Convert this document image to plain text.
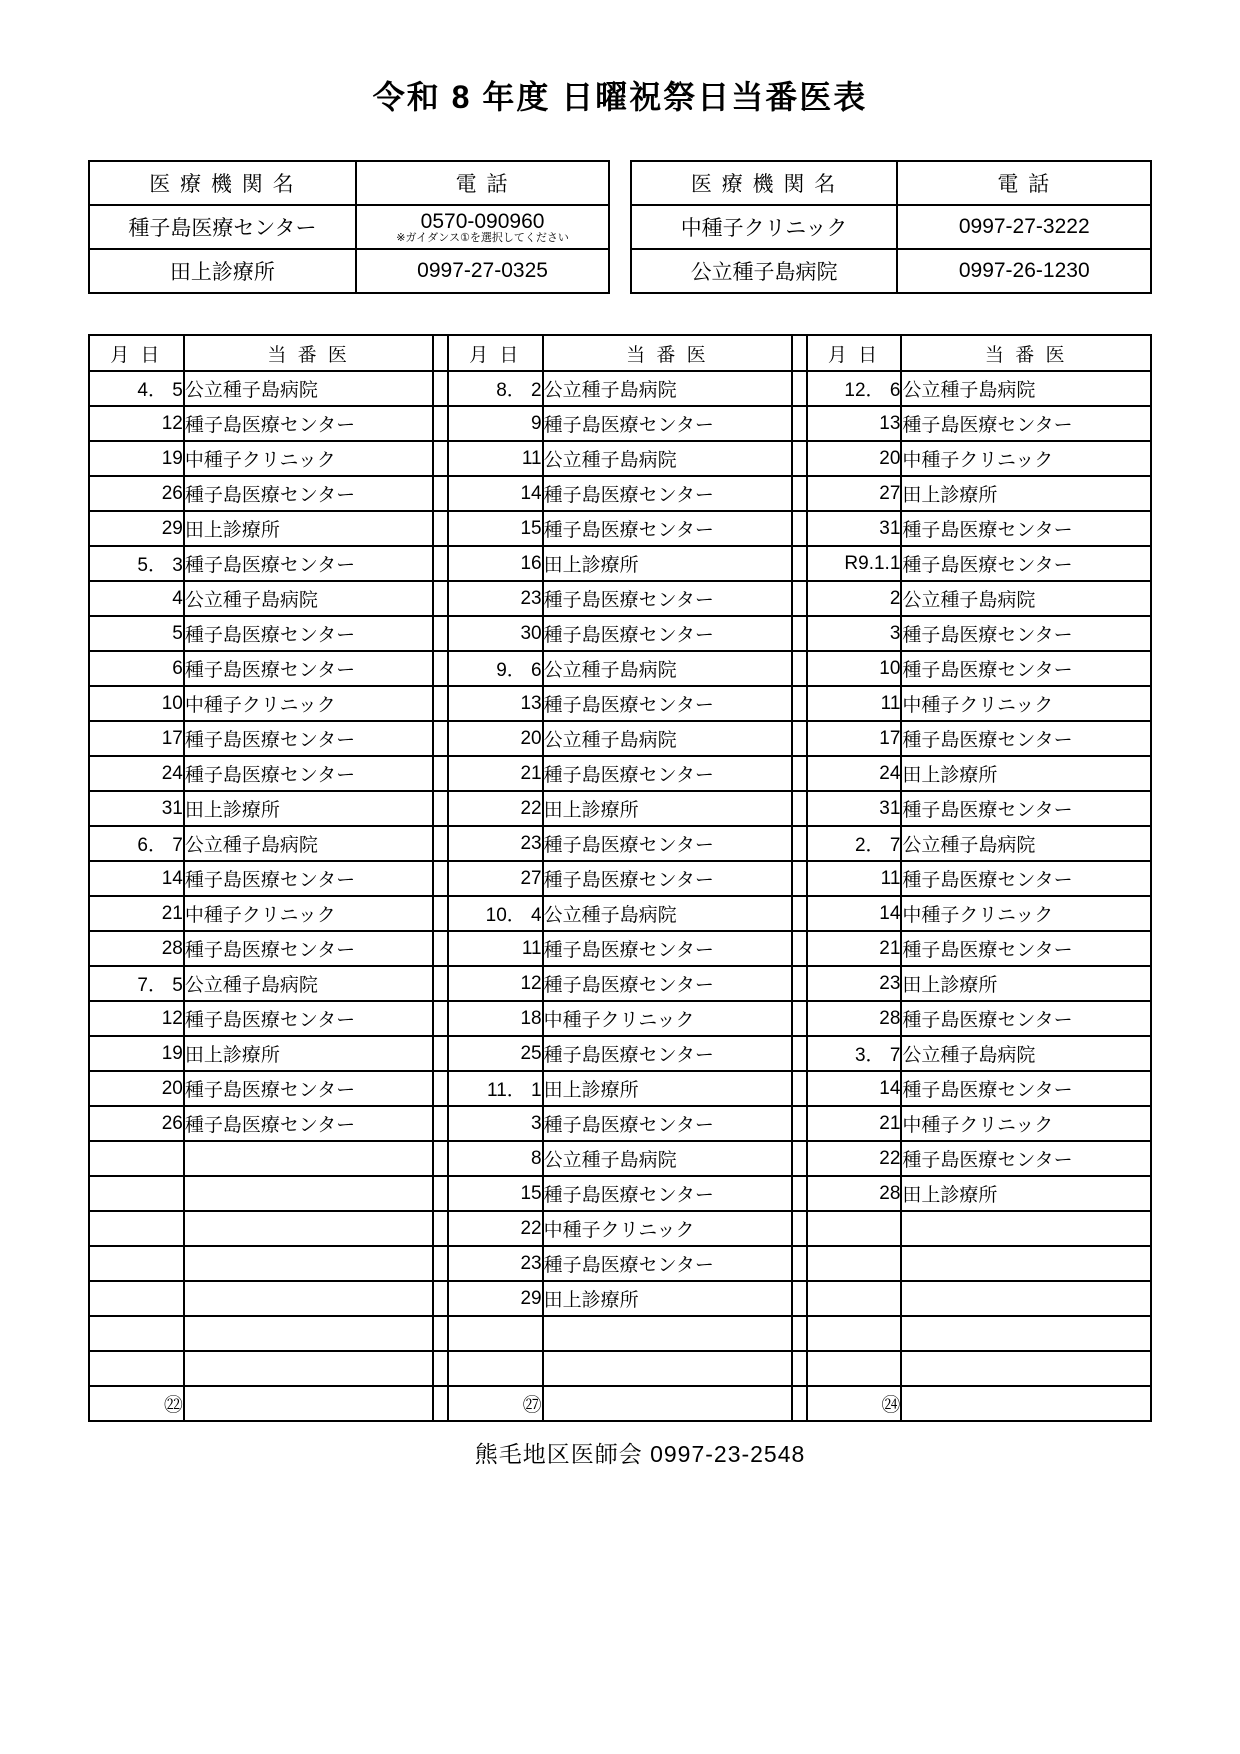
令和 8 年度 日曜祝祭日当番医表
医 療 機 関 名	電 話		医 療 機 関 名	電 話
種子島医療センター	0570-090960
※ガイダンス①を選択してください		中種子クリニック	0997-27-3222
田上診療所	0997-27-0325		公立種子島病院	0997-26-1230
月 日	当 番 医		月 日	当 番 医		月 日	当 番 医
4． 5	公立種子島病院		8． 2	公立種子島病院		12． 6	公立種子島病院
12	種子島医療センター		9	種子島医療センター		13	種子島医療センター
19	中種子クリニック		11	公立種子島病院		20	中種子クリニック
26	種子島医療センター		14	種子島医療センター		27	田上診療所
29	田上診療所		15	種子島医療センター		31	種子島医療センター
5． 3	種子島医療センター		16	田上診療所		R9.1.1	種子島医療センター
4	公立種子島病院		23	種子島医療センター		2	公立種子島病院
5	種子島医療センター		30	種子島医療センター		3	種子島医療センター
6	種子島医療センター		9． 6	公立種子島病院		10	種子島医療センター
10	中種子クリニック		13	種子島医療センター		11	中種子クリニック
17	種子島医療センター		20	公立種子島病院		17	種子島医療センター
24	種子島医療センター		21	種子島医療センター		24	田上診療所
31	田上診療所		22	田上診療所		31	種子島医療センター
6． 7	公立種子島病院		23	種子島医療センター		2． 7	公立種子島病院
14	種子島医療センター		27	種子島医療センター		11	種子島医療センター
21	中種子クリニック		10． 4	公立種子島病院		14	中種子クリニック
28	種子島医療センター		11	種子島医療センター		21	種子島医療センター
7． 5	公立種子島病院		12	種子島医療センター		23	田上診療所
12	種子島医療センター		18	中種子クリニック		28	種子島医療センター
19	田上診療所		25	種子島医療センター		3． 7	公立種子島病院
20	種子島医療センター		11． 1	田上診療所		14	種子島医療センター
26	種子島医療センター		3	種子島医療センター		21	中種子クリニック
			8	公立種子島病院		22	種子島医療センター
			15	種子島医療センター		28	田上診療所
			22	中種子クリニック			
			23	種子島医療センター			
			29	田上診療所			

㉒			㉗			㉔	
熊毛地区医師会 0997-23-2548
